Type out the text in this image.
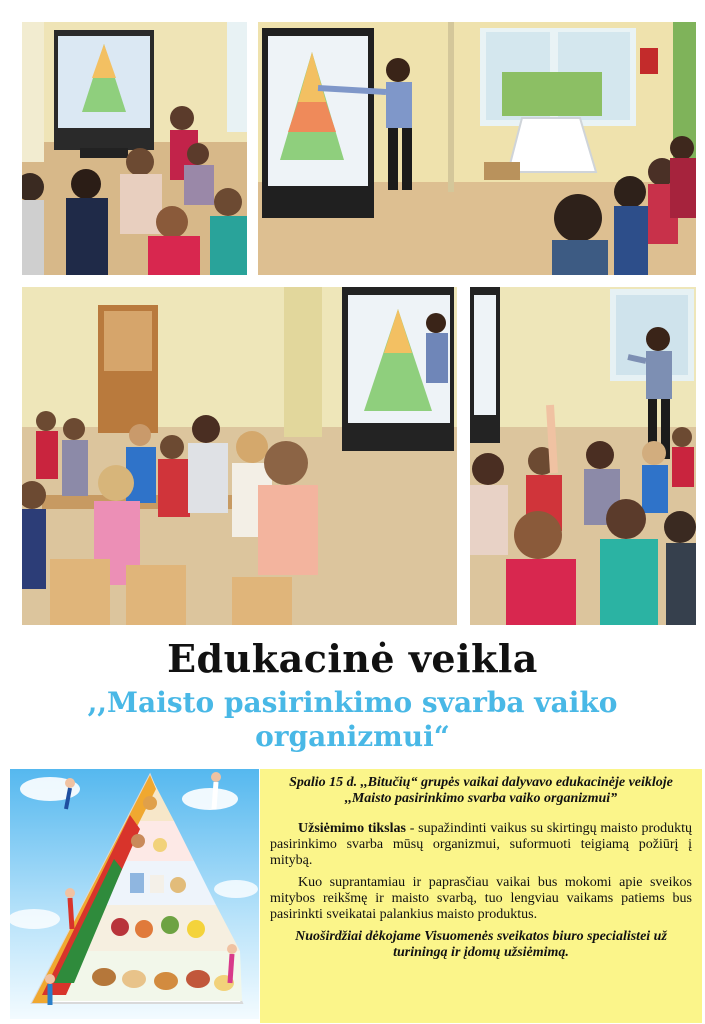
Edukacinė veikla
,,Maisto pasirinkimo svarba vaiko organizmui“

Spalio 15 d. ,,Bitučių“ grupės vaikai dalyvavo edukacinėje veikloje ,,Maisto pasirinkimo svarba vaiko organizmui”

Užsiėmimo tikslas - supažindinti vaikus su skirtingų maisto produktų pasirinkimo svarba mūsų organizmui, suformuoti teigiamą požiūrį į mitybą.

Kuo suprantamiau ir paprasčiau vaikai bus mokomi apie sveikos mitybos reikšmę ir maisto svarbą, tuo lengviau vaikams patiems bus pasirinkti sveikatai palankius maisto produktus.

Nuoširdžiai dėkojame Visuomenės sveikatos biuro specialistei už turiningą ir įdomų užsiėmimą.
